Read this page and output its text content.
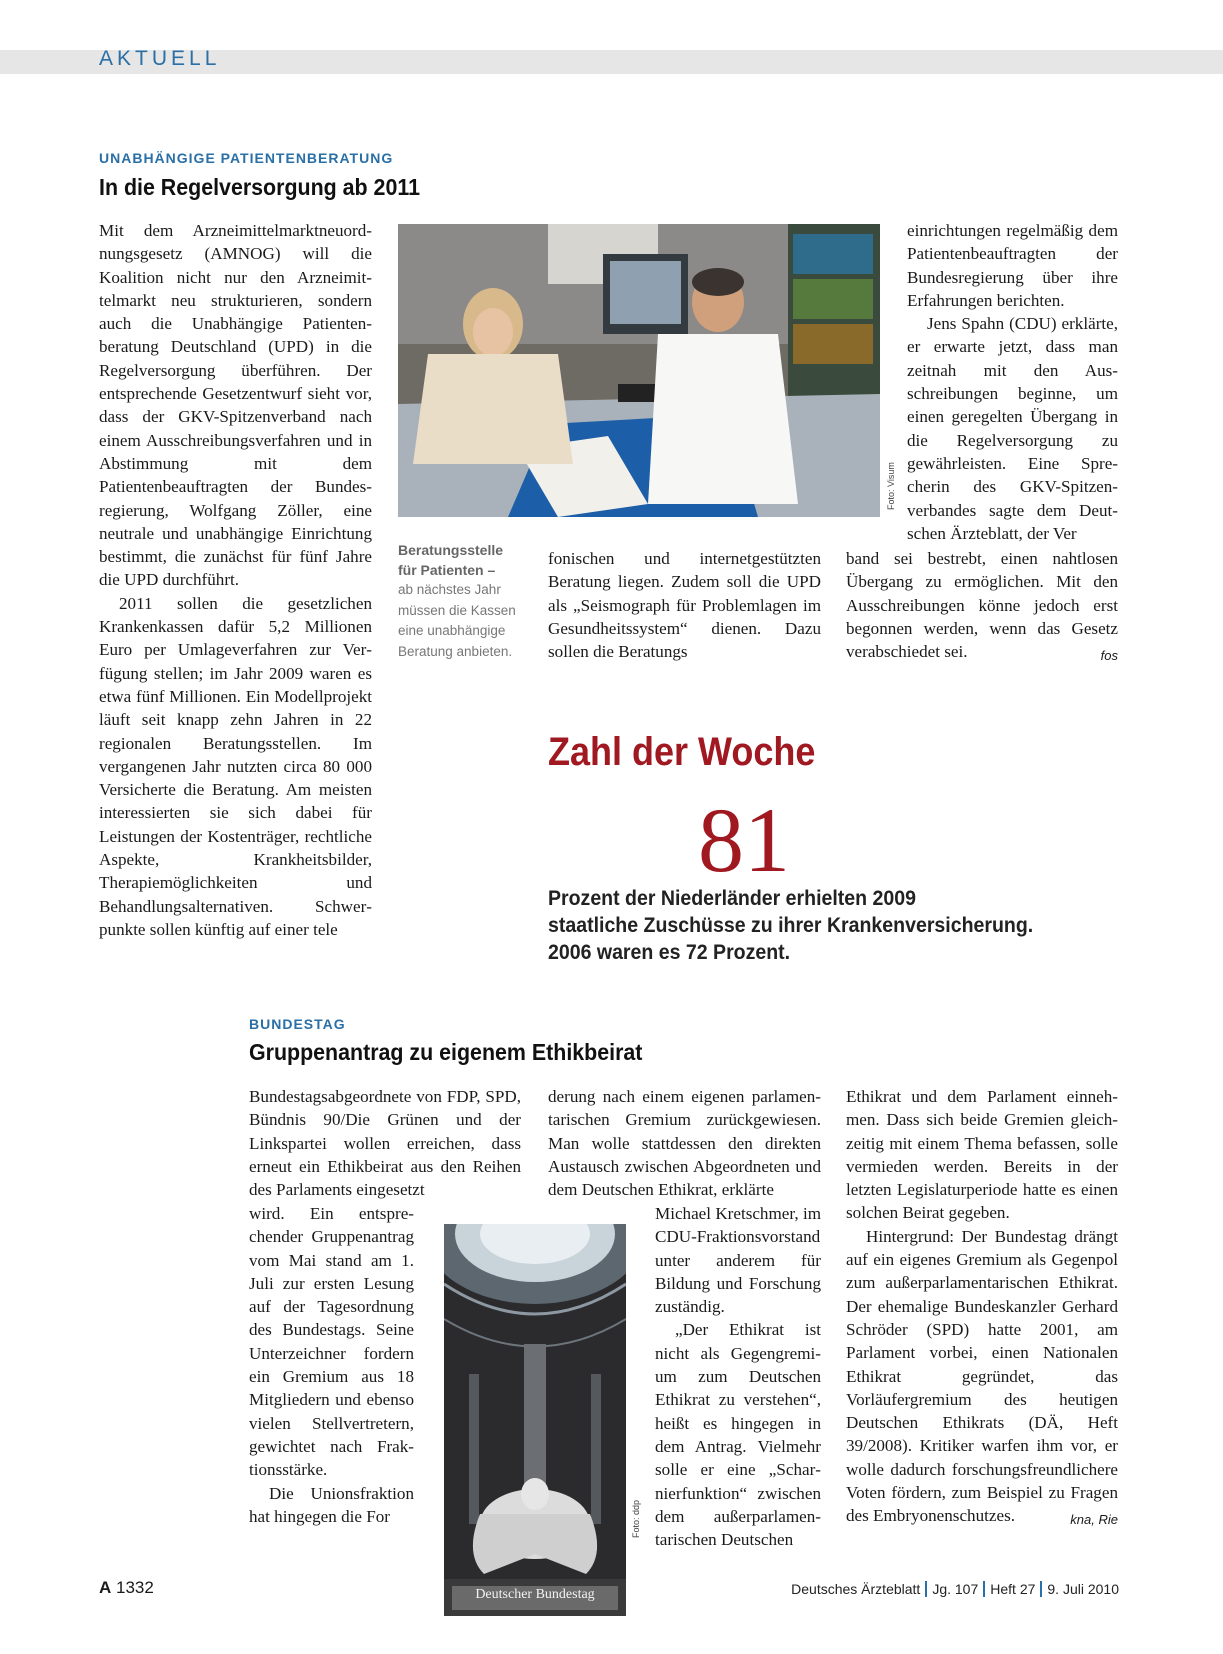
AKTUELL
UNABHÄNGIGE PATIENTENBERATUNG
In die Regelversorgung ab 2011

Mit dem Arzneimittelmarktneuordnungsgesetz (AMNOG) will die Koalition nicht nur den Arzneimittelmarkt neu strukturieren, sondern auch die Unabhängige Patientenberatung Deutschland (UPD) in die Regelversorgung überführen. Der entsprechende Gesetzentwurf sieht vor, dass der GKV-Spitzenverband nach einem Ausschreibungsverfahren und in Abstimmung mit dem Patientenbeauftragten der Bundesregierung, Wolfgang Zöller, eine neutrale und unabhängige Einrichtung bestimmt, die zunächst für fünf Jahre die UPD durchführt.

2011 sollen die gesetzlichen Krankenkassen dafür 5,2 Millionen Euro per Umlageverfahren zur Verfügung stellen; im Jahr 2009 waren es etwa fünf Millionen. Ein Modellprojekt läuft seit knapp zehn Jahren in 22 regionalen Beratungsstellen. Im vergangenen Jahr nutzten circa 80 000 Versicherte die Beratung. Am meisten interessierten sie sich dabei für Leistungen der Kostenträger, rechtliche Aspekte, Krankheitsbilder, Therapiemöglichkeiten und Behandlungsalternativen. Schwerpunkte sollen künftig auf einer tele

Foto: Visum
Beratungsstelle für Patienten –
ab nächstes Jahr müssen die Kassen eine unabhängige Beratung anbieten.

fonischen und internetgestützten Beratung liegen. Zudem soll die UPD als „Seismograph für Problemlagen im Gesundheitssystem“ dienen. Dazu sollen die Beratungs

einrichtungen regelmäßig dem Patientenbeauftragten der Bundesregierung über ihre Erfahrungen berichten.

Jens Spahn (CDU) erklärte, er erwarte jetzt, dass man zeitnah mit den Ausschreibungen beginne, um einen geregelten Übergang in die Regelversorgung zu gewährleisten. Eine Sprecherin des GKV-Spitzenverbandes sagte dem Deutschen Ärzteblatt, der Ver

band sei bestrebt, einen nahtlosen Übergang zu ermöglichen. Mit den Ausschreibungen könne jedoch erst begonnen werden, wenn das Gesetz verabschiedet sei.	fos

Zahl der Woche
81
Prozent der Niederländer erhielten 2009
staatliche Zuschüsse zu ihrer Krankenversicherung.
2006 waren es 72 Prozent.
BUNDESTAG
Gruppenantrag zu eigenem Ethikbeirat

Bundestagsabgeordnete von FDP, SPD, Bündnis 90/Die Grünen und der Linkspartei wollen erreichen, dass erneut ein Ethikbeirat aus den Reihen des Parlaments eingesetzt

wird. Ein entsprechender Gruppenantrag vom Mai stand am 1. Juli zur ersten Lesung auf der Tagesordnung des Bundestags. Seine Unterzeichner fordern ein Gremium aus 18 Mitgliedern und ebenso vielen Stellvertretern, gewichtet nach Fraktionsstärke.

Die Unionsfraktion hat hingegen die For

derung nach einem eigenen parlamentarischen Gremium zurückgewiesen. Man wolle stattdessen den direkten Austausch zwischen Abgeordneten und dem Deutschen Ethikrat, erklärte

Michael Kretschmer, im CDU-Fraktionsvorstand unter anderem für Bildung und Forschung zuständig.

„Der Ethikrat ist nicht als Gegengremium zum Deutschen Ethikrat zu verstehen“, heißt es hingegen in dem Antrag. Vielmehr solle er eine „Scharnierfunktion“ zwischen dem außerparlamentarischen Deutschen

Ethikrat und dem Parlament einnehmen. Dass sich beide Gremien gleichzeitig mit einem Thema befassen, solle vermieden werden. Bereits in der letzten Legislaturperiode hatte es einen solchen Beirat gegeben.

Hintergrund: Der Bundestag drängt auf ein eigenes Gremium als Gegenpol zum außerparlamentarischen Ethikrat. Der ehemalige Bundeskanzler Gerhard Schröder (SPD) hatte 2001, am Parlament vorbei, einen Nationalen Ethikrat gegründet, das Vorläufergremium des heutigen Deutschen Ethikrats (DÄ, Heft 39/2008). Kritiker warfen ihm vor, er wolle dadurch forschungsfreundlichere Voten fördern, zum Beispiel zu Fragen des Embryonenschutzes.	kna, Rie

Deutscher Bundestag
Foto: ddp
A 1332	Deutsches Ärzteblatt Jg. 107 Heft 27 9. Juli 2010
